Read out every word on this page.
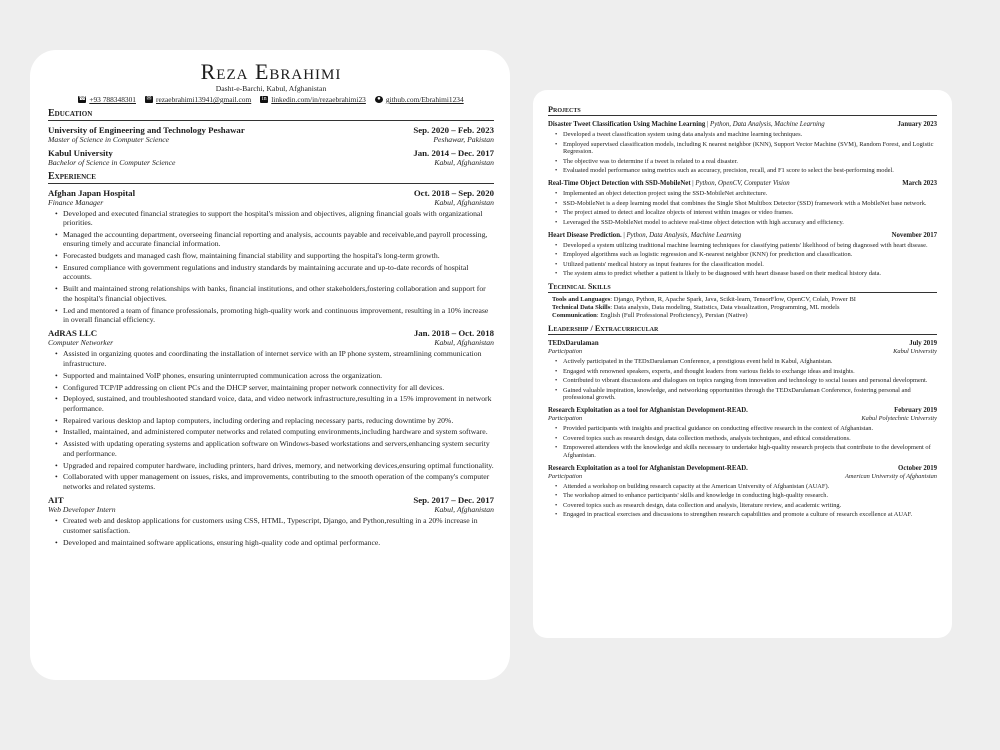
Reza Ebrahimi
Dasht-e-Barchi, Kabul, Afghanistan
☎ +93 788348301 ✉ rezaebrahimi13941@gmail.com in linkedin.com/in/rezaebrahimi23	● github.com/Ebrahimi1234
Education
University of Engineering and Technology Peshawar	Sep. 2020 – Feb. 2023
Master of Science in Computer Science	Peshawar, Pakistan
Kabul University	Jan. 2014 – Dec. 2017
Bachelor of Science in Computer Science	Kabul, Afghanistan
Experience
Afghan Japan Hospital	Oct. 2018 – Sep. 2020
Finance Manager	Kabul, Afghanistan
• Developed and executed financial strategies to support the hospital's mission and objectives, aligning financial goals with organizational priorities.
• Managed the accounting department, overseeing financial reporting and analysis, accounts payable and receivable,and payroll processing, ensuring timely and accurate financial information.
• Forecasted budgets and managed cash flow, maintaining financial stability and supporting the hospital's long-term growth.
• Ensured compliance with government regulations and industry standards by maintaining accurate and up-to-date records of hospital accounts.
• Built and maintained strong relationships with banks, financial institutions, and other stakeholders,fostering collaboration and support for the hospital's financial objectives.
• Led and mentored a team of finance professionals, promoting high-quality work and continuous improvement, resulting in a 10% increase in overall financial efficiency.
AdRAS LLC	Jan. 2018 – Oct. 2018
Computer Networker	Kabul, Afghanistan
• Assisted in organizing quotes and coordinating the installation of internet service with an IP phone system, streamlining communication infrastructure.
• Supported and maintained VoIP phones, ensuring uninterrupted communication across the organization.
• Configured TCP/IP addressing on client PCs and the DHCP server, maintaining proper network connectivity for all devices.
• Deployed, sustained, and troubleshooted standard voice, data, and video network infrastructure,resulting in a 15% improvement in network performance.
• Repaired various desktop and laptop computers, including ordering and replacing necessary parts, reducing downtime by 20%.
• Installed, maintained, and administered computer networks and related computing environments,including hardware and system software.
• Assisted with updating operating systems and application software on Windows-based workstations and servers,enhancing system security and performance.
• Upgraded and repaired computer hardware, including printers, hard drives, memory, and networking devices,ensuring optimal functionality.
• Collaborated with upper management on issues, risks, and improvements, contributing to the smooth operation of the company's computer networks and related systems.
AIT	Sep. 2017 – Dec. 2017
Web Developer Intern	Kabul, Afghanistan
• Created web and desktop applications for customers using CSS, HTML, Typescript, Django, and Python,resulting in a 20% increase in customer satisfaction.
• Developed and maintained software applications, ensuring high-quality code and optimal performance.
Projects
Disaster Tweet Classification Using Machine Learning | Python, Data Analysis, Machine Learning	January 2023
• Developed a tweet classification system using data analysis and machine learning techniques.
• Employed supervised classification models, including K nearest neighbor (KNN), Support Vector Machine (SVM), Random Forest, and Logistic Regression.
• The objective was to determine if a tweet is related to a real disaster.
• Evaluated model performance using metrics such as accuracy, precision, recall, and F1 score to select the best-performing model.
Real-Time Object Detection with SSD-MobileNet | Python, OpenCV, Computer Vision	March 2023
• Implemented an object detection project using the SSD-MobileNet architecture.
• SSD-MobileNet is a deep learning model that combines the Single Shot Multibox Detector (SSD) framework with a MobileNet base network.
• The project aimed to detect and localize objects of interest within images or video frames.
• Leveraged the SSD-MobileNet model to achieve real-time object detection with high accuracy and efficiency.
Heart Disease Prediction. | Python, Data Analysis, Machine Learning	November 2017
• Developed a system utilizing traditional machine learning techniques for classifying patients' likelihood of being diagnosed with heart disease.
• Employed algorithms such as logistic regression and K-nearest neighbor (KNN) for prediction and classification.
• Utilized patients' medical history as input features for the classification model.
• The system aims to predict whether a patient is likely to be diagnosed with heart disease based on their medical history data.
Technical Skills
Tools and Languages: Django, Python, R, Apache Spark, Java, Scikit-learn, TensorFlow, OpenCV, Colab, Power BI
Technical Data Skills: Data analysis, Data modeling, Statistics, Data visualization, Programming, ML models
Communication: English (Full Professional Proficiency), Persian (Native)
Leadership / Extracurricular
TEDxDarulaman	July 2019
Participation	Kabul University
• Actively participated in the TEDxDarulaman Conference, a prestigious event held in Kabul, Afghanistan.
• Engaged with renowned speakers, experts, and thought leaders from various fields to exchange ideas and insights.
• Contributed to vibrant discussions and dialogues on topics ranging from innovation and technology to social issues and personal development.
• Gained valuable inspiration, knowledge, and networking opportunities through the TEDxDarulaman Conference, fostering personal and professional growth.
Research Exploitation as a tool for Afghanistan Development-READ.	February 2019
Participation	Kabul Polytechnic University
• Provided participants with insights and practical guidance on conducting effective research in the context of Afghanistan.
• Covered topics such as research design, data collection methods, analysis techniques, and ethical considerations.
• Empowered attendees with the knowledge and skills necessary to undertake high-quality research projects that contribute to the development of Afghanistan.
Research Exploitation as a tool for Afghanistan Development-READ.	October 2019
Participation	American University of Afghanistan
• Attended a workshop on building research capacity at the American University of Afghanistan (AUAF).
• The workshop aimed to enhance participants' skills and knowledge in conducting high-quality research.
• Covered topics such as research design, data collection and analysis, literature review, and academic writing.
• Engaged in practical exercises and discussions to strengthen research capabilities and promote a culture of research excellence at AUAF.
